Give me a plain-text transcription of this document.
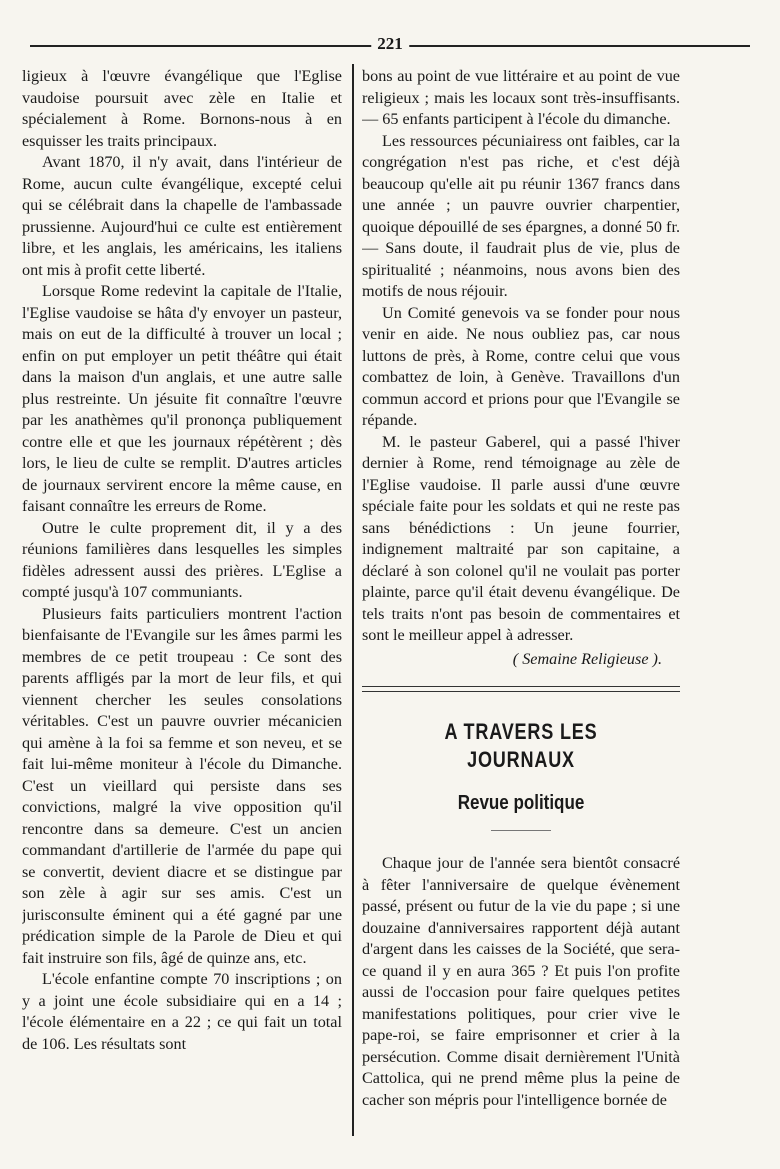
221

ligieux à l'œuvre évangélique que l'Eglise vaudoise poursuit avec zèle en Italie et spécialement à Rome. Bornons-nous à en esquisser les traits principaux.

Avant 1870, il n'y avait, dans l'intérieur de Rome, aucun culte évangélique, excepté celui qui se célébrait dans la chapelle de l'ambassade prussienne. Aujourd'hui ce culte est entièrement libre, et les anglais, les américains, les italiens ont mis à profit cette liberté.

Lorsque Rome redevint la capitale de l'Italie, l'Eglise vaudoise se hâta d'y envoyer un pasteur, mais on eut de la difficulté à trouver un local ; enfin on put employer un petit théâtre qui était dans la maison d'un anglais, et une autre salle plus restreinte. Un jésuite fit connaître l'œuvre par les anathèmes qu'il prononça publiquement contre elle et que les journaux répétèrent ; dès lors, le lieu de culte se remplit. D'autres articles de journaux servirent encore la même cause, en faisant connaître les erreurs de Rome.

Outre le culte proprement dit, il y a des réunions familières dans lesquelles les simples fidèles adressent aussi des prières. L'Eglise a compté jusqu'à 107 communiants.

Plusieurs faits particuliers montrent l'action bienfaisante de l'Evangile sur les âmes parmi les membres de ce petit troupeau : Ce sont des parents affligés par la mort de leur fils, et qui viennent chercher les seules consolations véritables. C'est un pauvre ouvrier mécanicien qui amène à la foi sa femme et son neveu, et se fait lui-même moniteur à l'école du Dimanche. C'est un vieillard qui persiste dans ses convictions, malgré la vive opposition qu'il rencontre dans sa demeure. C'est un ancien commandant d'artillerie de l'armée du pape qui se convertit, devient diacre et se distingue par son zèle à agir sur ses amis. C'est un jurisconsulte éminent qui a été gagné par une prédication simple de la Parole de Dieu et qui fait instruire son fils, âgé de quinze ans, etc.

L'école enfantine compte 70 inscriptions ; on y a joint une école subsidiaire qui en a 14 ; l'école élémentaire en a 22 ; ce qui fait un total de 106. Les résultats sont

bons au point de vue littéraire et au point de vue religieux ; mais les locaux sont très-insuffisants. — 65 enfants participent à l'école du dimanche.

Les ressources pécuniairess ont faibles, car la congrégation n'est pas riche, et c'est déjà beaucoup qu'elle ait pu réunir 1367 francs dans une année ; un pauvre ouvrier charpentier, quoique dépouillé de ses épargnes, a donné 50 fr. — Sans doute, il faudrait plus de vie, plus de spiritualité ; néanmoins, nous avons bien des motifs de nous réjouir.

Un Comité genevois va se fonder pour nous venir en aide. Ne nous oubliez pas, car nous luttons de près, à Rome, contre celui que vous combattez de loin, à Genève. Travaillons d'un commun accord et prions pour que l'Evangile se répande.

M. le pasteur Gaberel, qui a passé l'hiver dernier à Rome, rend témoignage au zèle de l'Eglise vaudoise. Il parle aussi d'une œuvre spéciale faite pour les soldats et qui ne reste pas sans bénédictions : Un jeune fourrier, indignement maltraité par son capitaine, a déclaré à son colonel qu'il ne voulait pas porter plainte, parce qu'il était devenu évangélique. De tels traits n'ont pas besoin de commentaires et sont le meilleur appel à adresser.

( Semaine Religieuse ).

A TRAVERS LES JOURNAUX
Revue politique

Chaque jour de l'année sera bientôt consacré à fêter l'anniversaire de quelque évènement passé, présent ou futur de la vie du pape ; si une douzaine d'anniversaires rapportent déjà autant d'argent dans les caisses de la Société, que sera-ce quand il y en aura 365 ? Et puis l'on profite aussi de l'occasion pour faire quelques petites manifestations politiques, pour crier vive le pape-roi, se faire emprisonner et crier à la persécution. Comme disait dernièrement l'Unità Cattolica, qui ne prend même plus la peine de cacher son mépris pour l'intelligence bornée de
